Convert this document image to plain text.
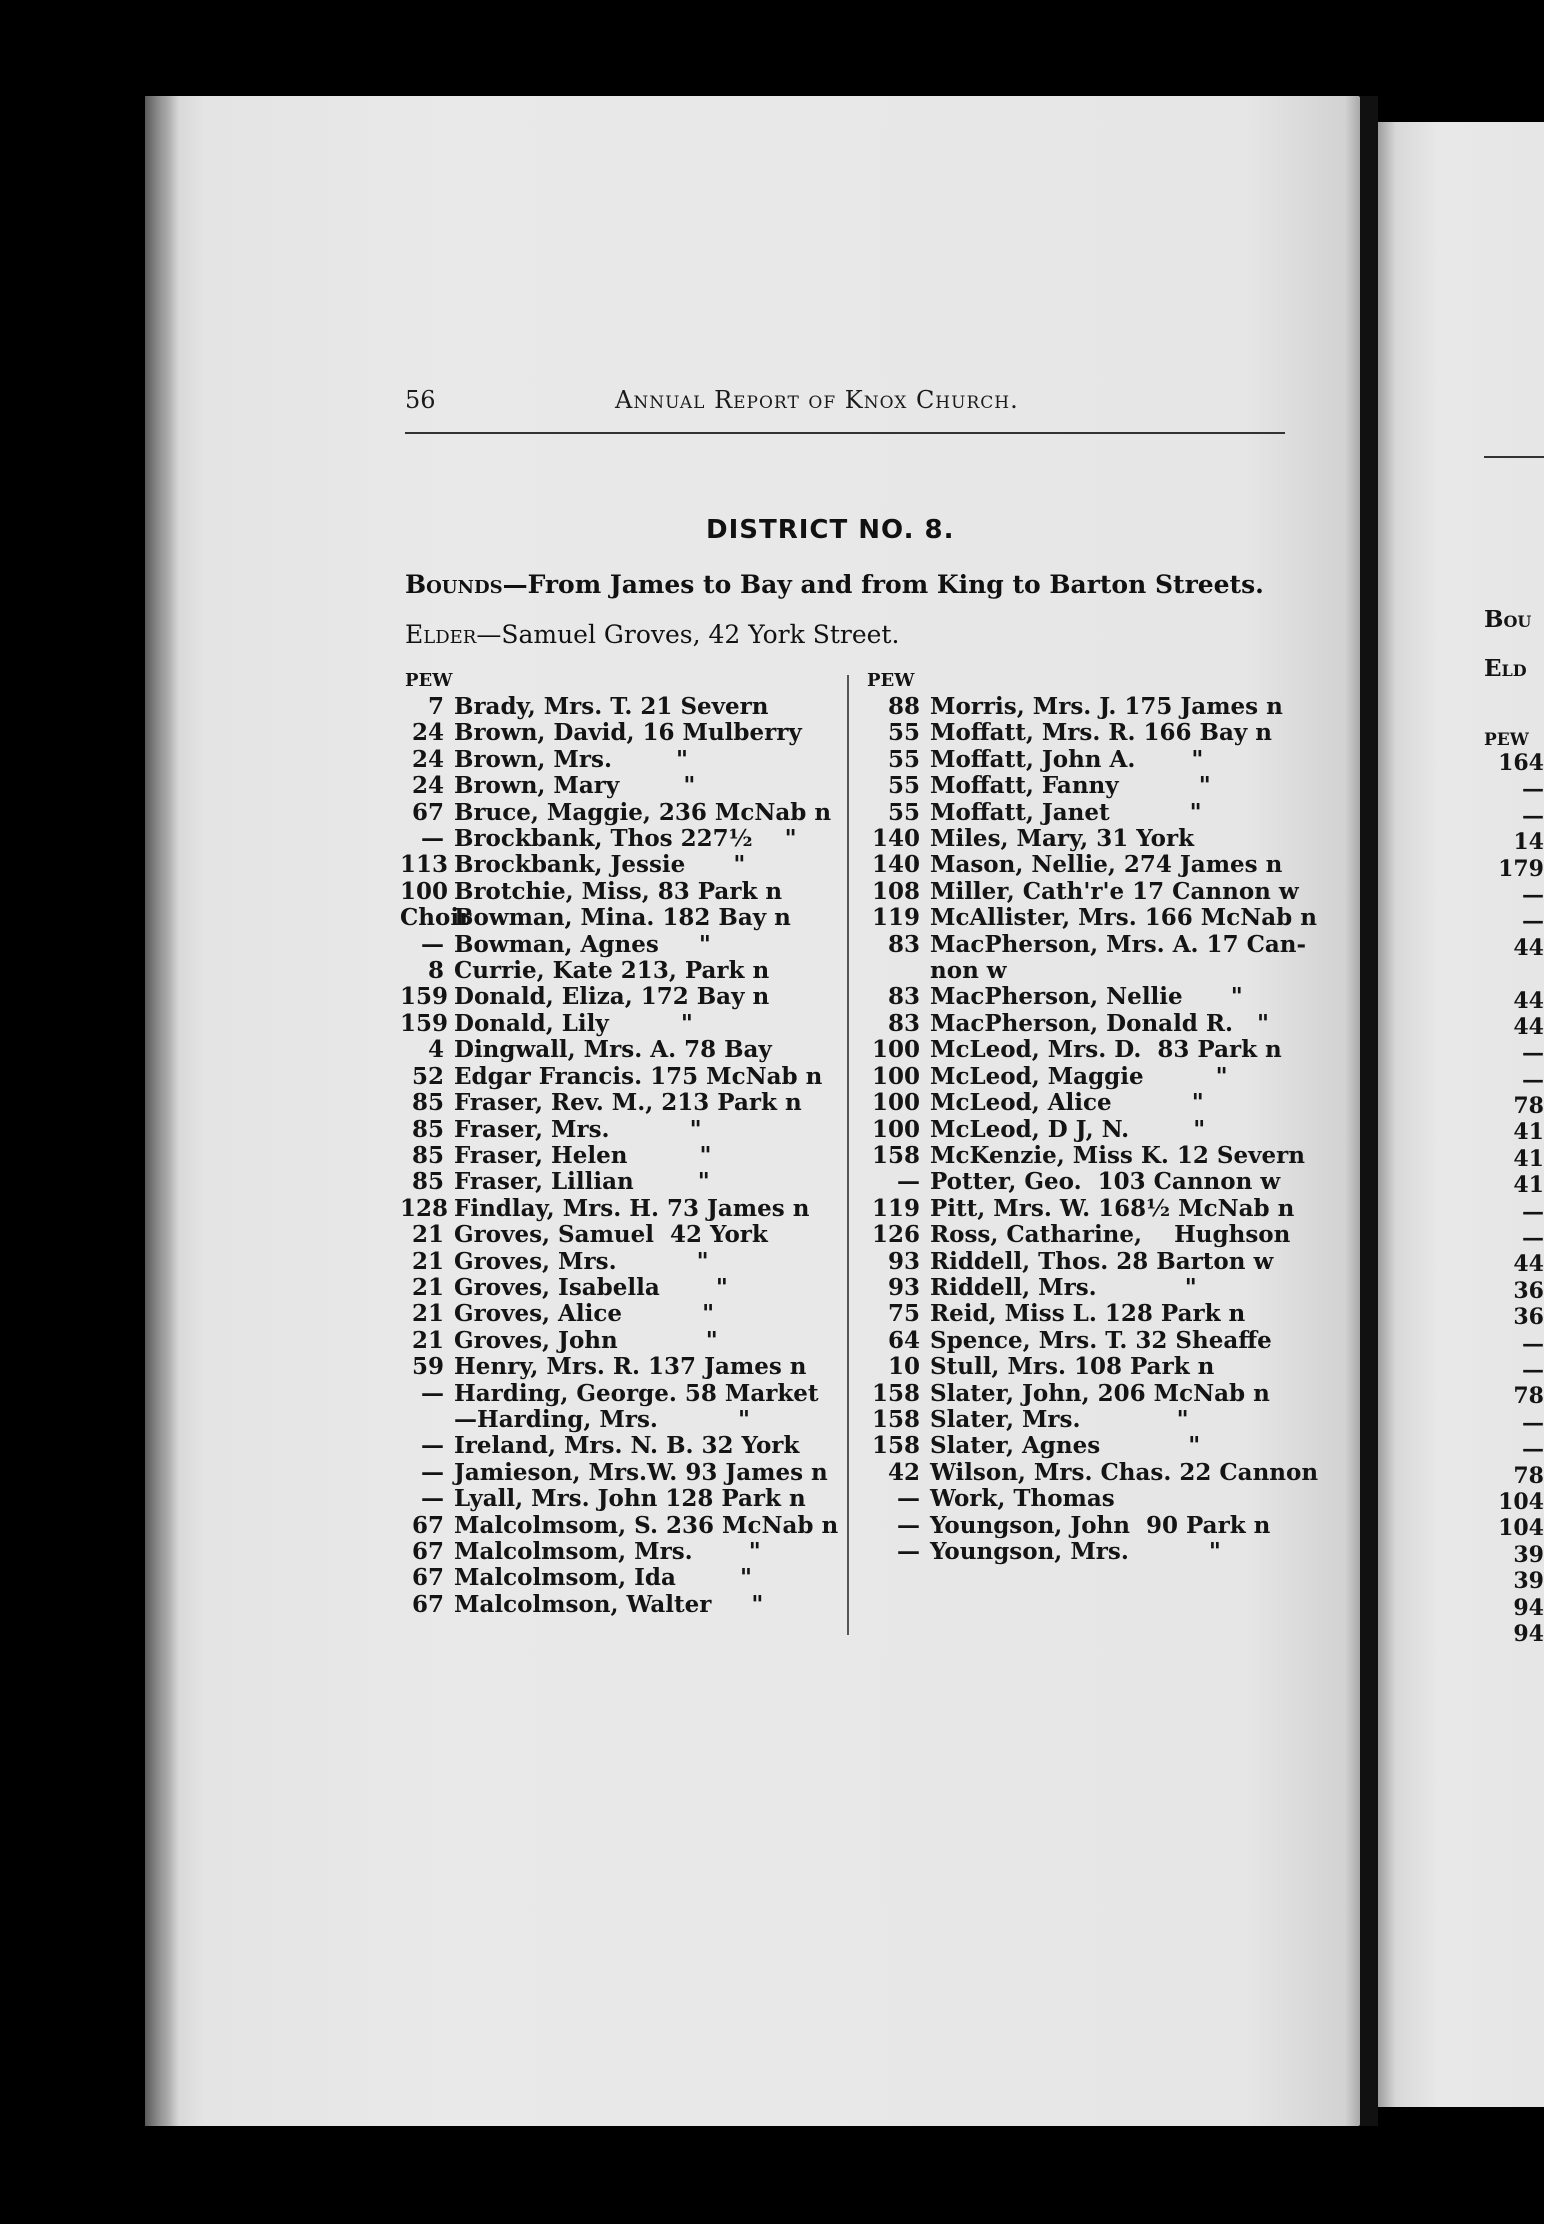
56	Annual Report of Knox Church.
DISTRICT NO. 8.
Bounds—From James to Bay and from King to Barton Streets.
Elder—Samuel Groves, 42 York Street.
PEW
7 Brady, Mrs. T. 21 Severn
24 Brown, David, 16 Mulberry
24 Brown, Mrs.        "
24 Brown, Mary        "
67 Bruce, Maggie, 236 McNab n
— Brockbank, Thos 227½    "
113 Brockbank, Jessie      "
100 Brotchie, Miss, 83 Park n
Choir
Bowman, Mina. 182 Bay n
— Bowman, Agnes     "
8 Currie, Kate 213, Park n
159 Donald, Eliza, 172 Bay n
159 Donald, Lily         "
4 Dingwall, Mrs. A. 78 Bay
52 Edgar Francis. 175 McNab n
85 Fraser, Rev. M., 213 Park n
85 Fraser, Mrs.          "
85 Fraser, Helen         "
85 Fraser, Lillian        "
128 Findlay, Mrs. H. 73 James n
21 Groves, Samuel  42 York
21 Groves, Mrs.          "
21 Groves, Isabella       "
21 Groves, Alice          "
21 Groves, John           "
59 Henry, Mrs. R. 137 James n
— Harding, George. 58 Market
—Harding, Mrs.          "
— Ireland, Mrs. N. B. 32 York
— Jamieson, Mrs.W. 93 James n
— Lyall, Mrs. John 128 Park n
67 Malcolmsom, S. 236 McNab n
67 Malcolmsom, Mrs.       "
67 Malcolmsom, Ida        "
67 Malcolmson, Walter     "
PEW
88 Morris, Mrs. J. 175 James n
55 Moffatt, Mrs. R. 166 Bay n
55 Moffatt, John A.       "
55 Moffatt, Fanny          "
55 Moffatt, Janet          "
140 Miles, Mary, 31 York
140 Mason, Nellie, 274 James n
108 Miller, Cath'r'e 17 Cannon w
119 McAllister, Mrs. 166 McNab n
83 MacPherson, Mrs. A. 17 Can-
non w
83 MacPherson, Nellie      "
83 MacPherson, Donald R.   "
100 McLeod, Mrs. D.  83 Park n
100 McLeod, Maggie         "
100 McLeod, Alice          "
100 McLeod, D J, N.        "
158 McKenzie, Miss K. 12 Severn
— Potter, Geo.  103 Cannon w
119 Pitt, Mrs. W. 168½ McNab n
126 Ross, Catharine,    Hughson
93 Riddell, Thos. 28 Barton w
93 Riddell, Mrs.           "
75 Reid, Miss L. 128 Park n
64 Spence, Mrs. T. 32 Sheaffe
10 Stull, Mrs. 108 Park n
158 Slater, John, 206 McNab n
158 Slater, Mrs.            "
158 Slater, Agnes           "
42 Wilson, Mrs. Chas. 22 Cannon
— Work, Thomas
— Youngson, John  90 Park n
— Youngson, Mrs.          "
Bou
Eld
PEW
164
—
—
14
179
—
—
44
44
44
—
—
78
41
41
41
—
—
44
36
36
—
—
78
—
—
78
104
104
39
39
94
94
